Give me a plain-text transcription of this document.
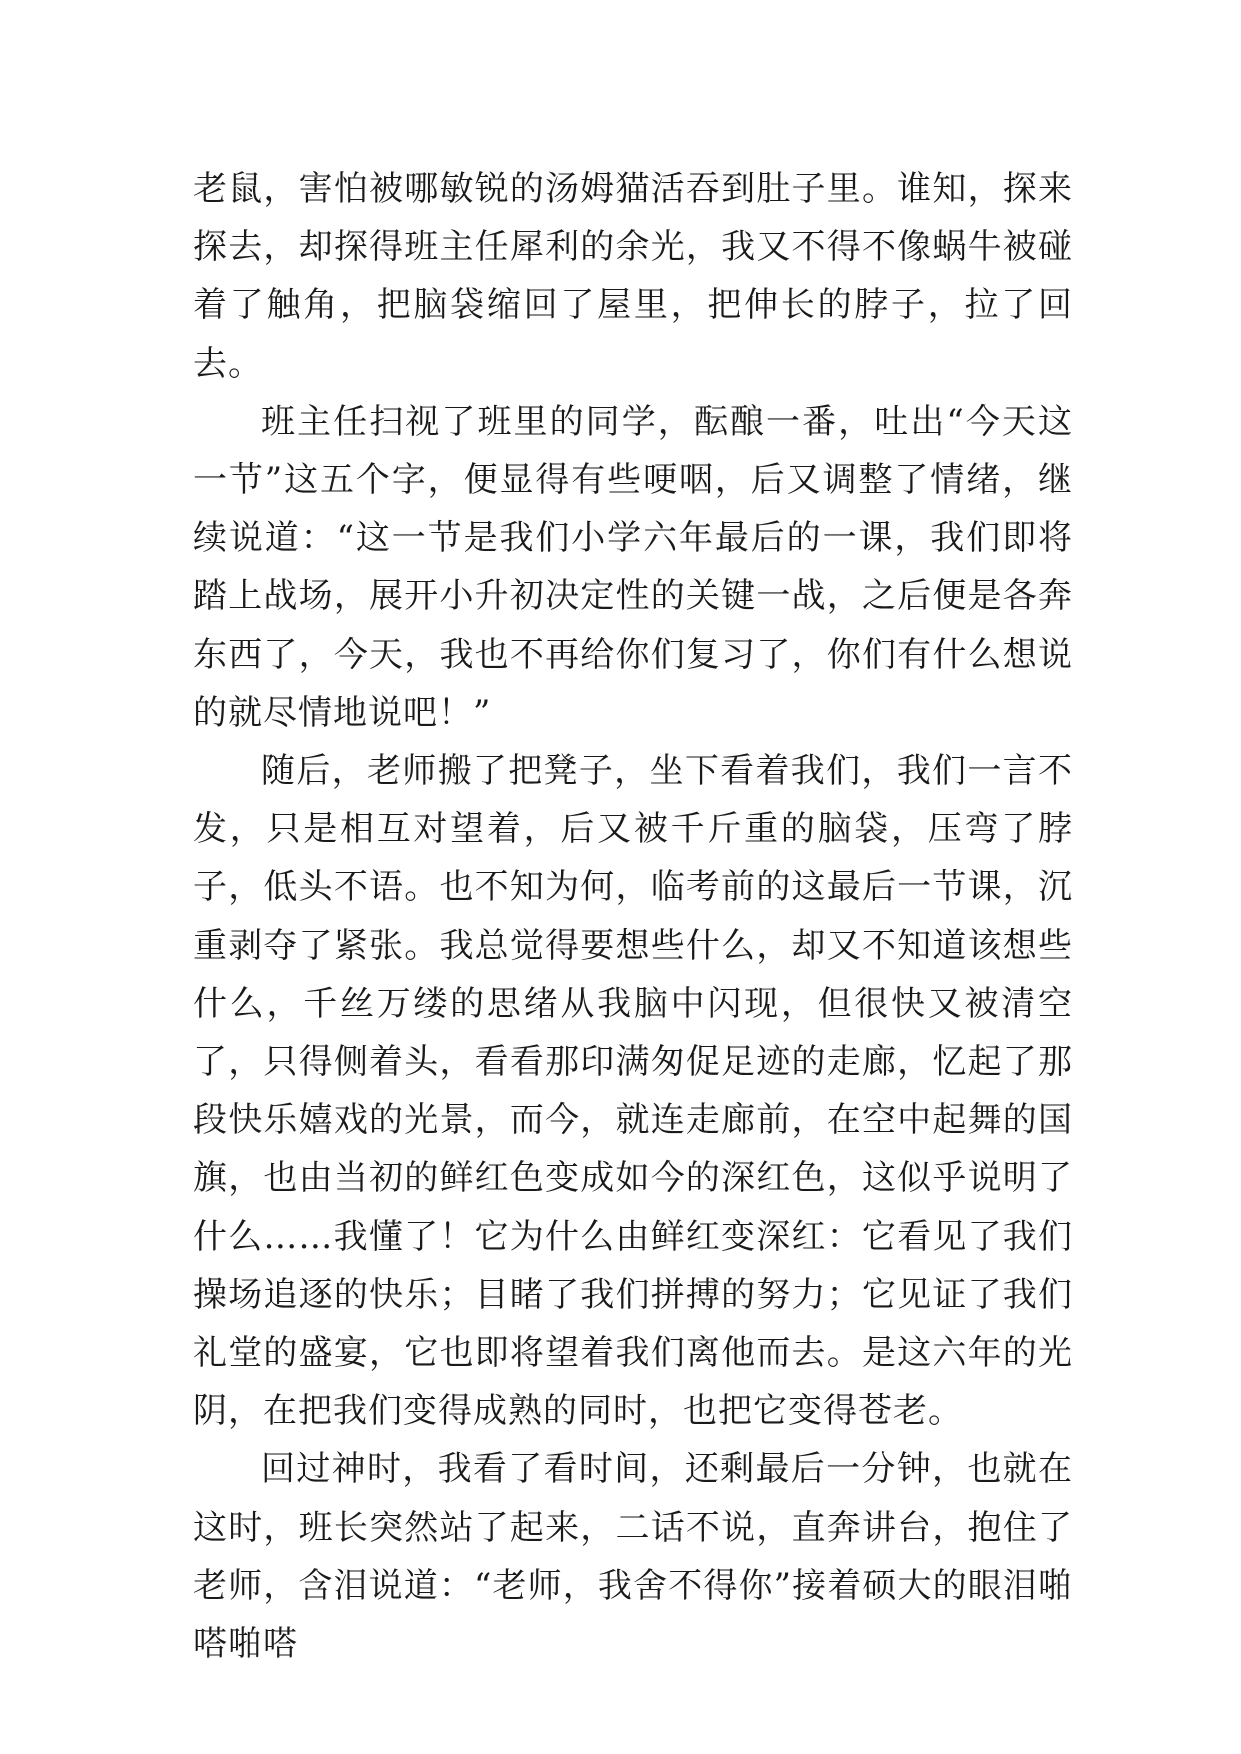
老鼠，害怕被哪敏锐的汤姆猫活吞到肚子里。谁知，探来探去，却探得班主任犀利的余光，我又不得不像蜗牛被碰着了触角，把脑袋缩回了屋里，把伸长的脖子，拉了回去。

班主任扫视了班里的同学，酝酿一番，吐出“今天这一节”这五个字，便显得有些哽咽，后又调整了情绪，继续说道：“这一节是我们小学六年最后的一课，我们即将踏上战场，展开小升初决定性的关键一战，之后便是各奔东西了，今天，我也不再给你们复习了，你们有什么想说的就尽情地说吧！”

随后，老师搬了把凳子，坐下看着我们，我们一言不发，只是相互对望着，后又被千斤重的脑袋，压弯了脖子，低头不语。也不知为何，临考前的这最后一节课，沉重剥夺了紧张。我总觉得要想些什么，却又不知道该想些什么，千丝万缕的思绪从我脑中闪现，但很快又被清空了，只得侧着头，看看那印满匆促足迹的走廊，忆起了那段快乐嬉戏的光景，而今，就连走廊前，在空中起舞的国旗，也由当初的鲜红色变成如今的深红色，这似乎说明了什么……我懂了！它为什么由鲜红变深红：它看见了我们操场追逐的快乐；目睹了我们拼搏的努力；它见证了我们礼堂的盛宴，它也即将望着我们离他而去。是这六年的光阴，在把我们变得成熟的同时，也把它变得苍老。

回过神时，我看了看时间，还剩最后一分钟，也就在这时，班长突然站了起来，二话不说，直奔讲台，抱住了老师，含泪说道：“老师，我舍不得你”接着硕大的眼泪啪嗒啪嗒
